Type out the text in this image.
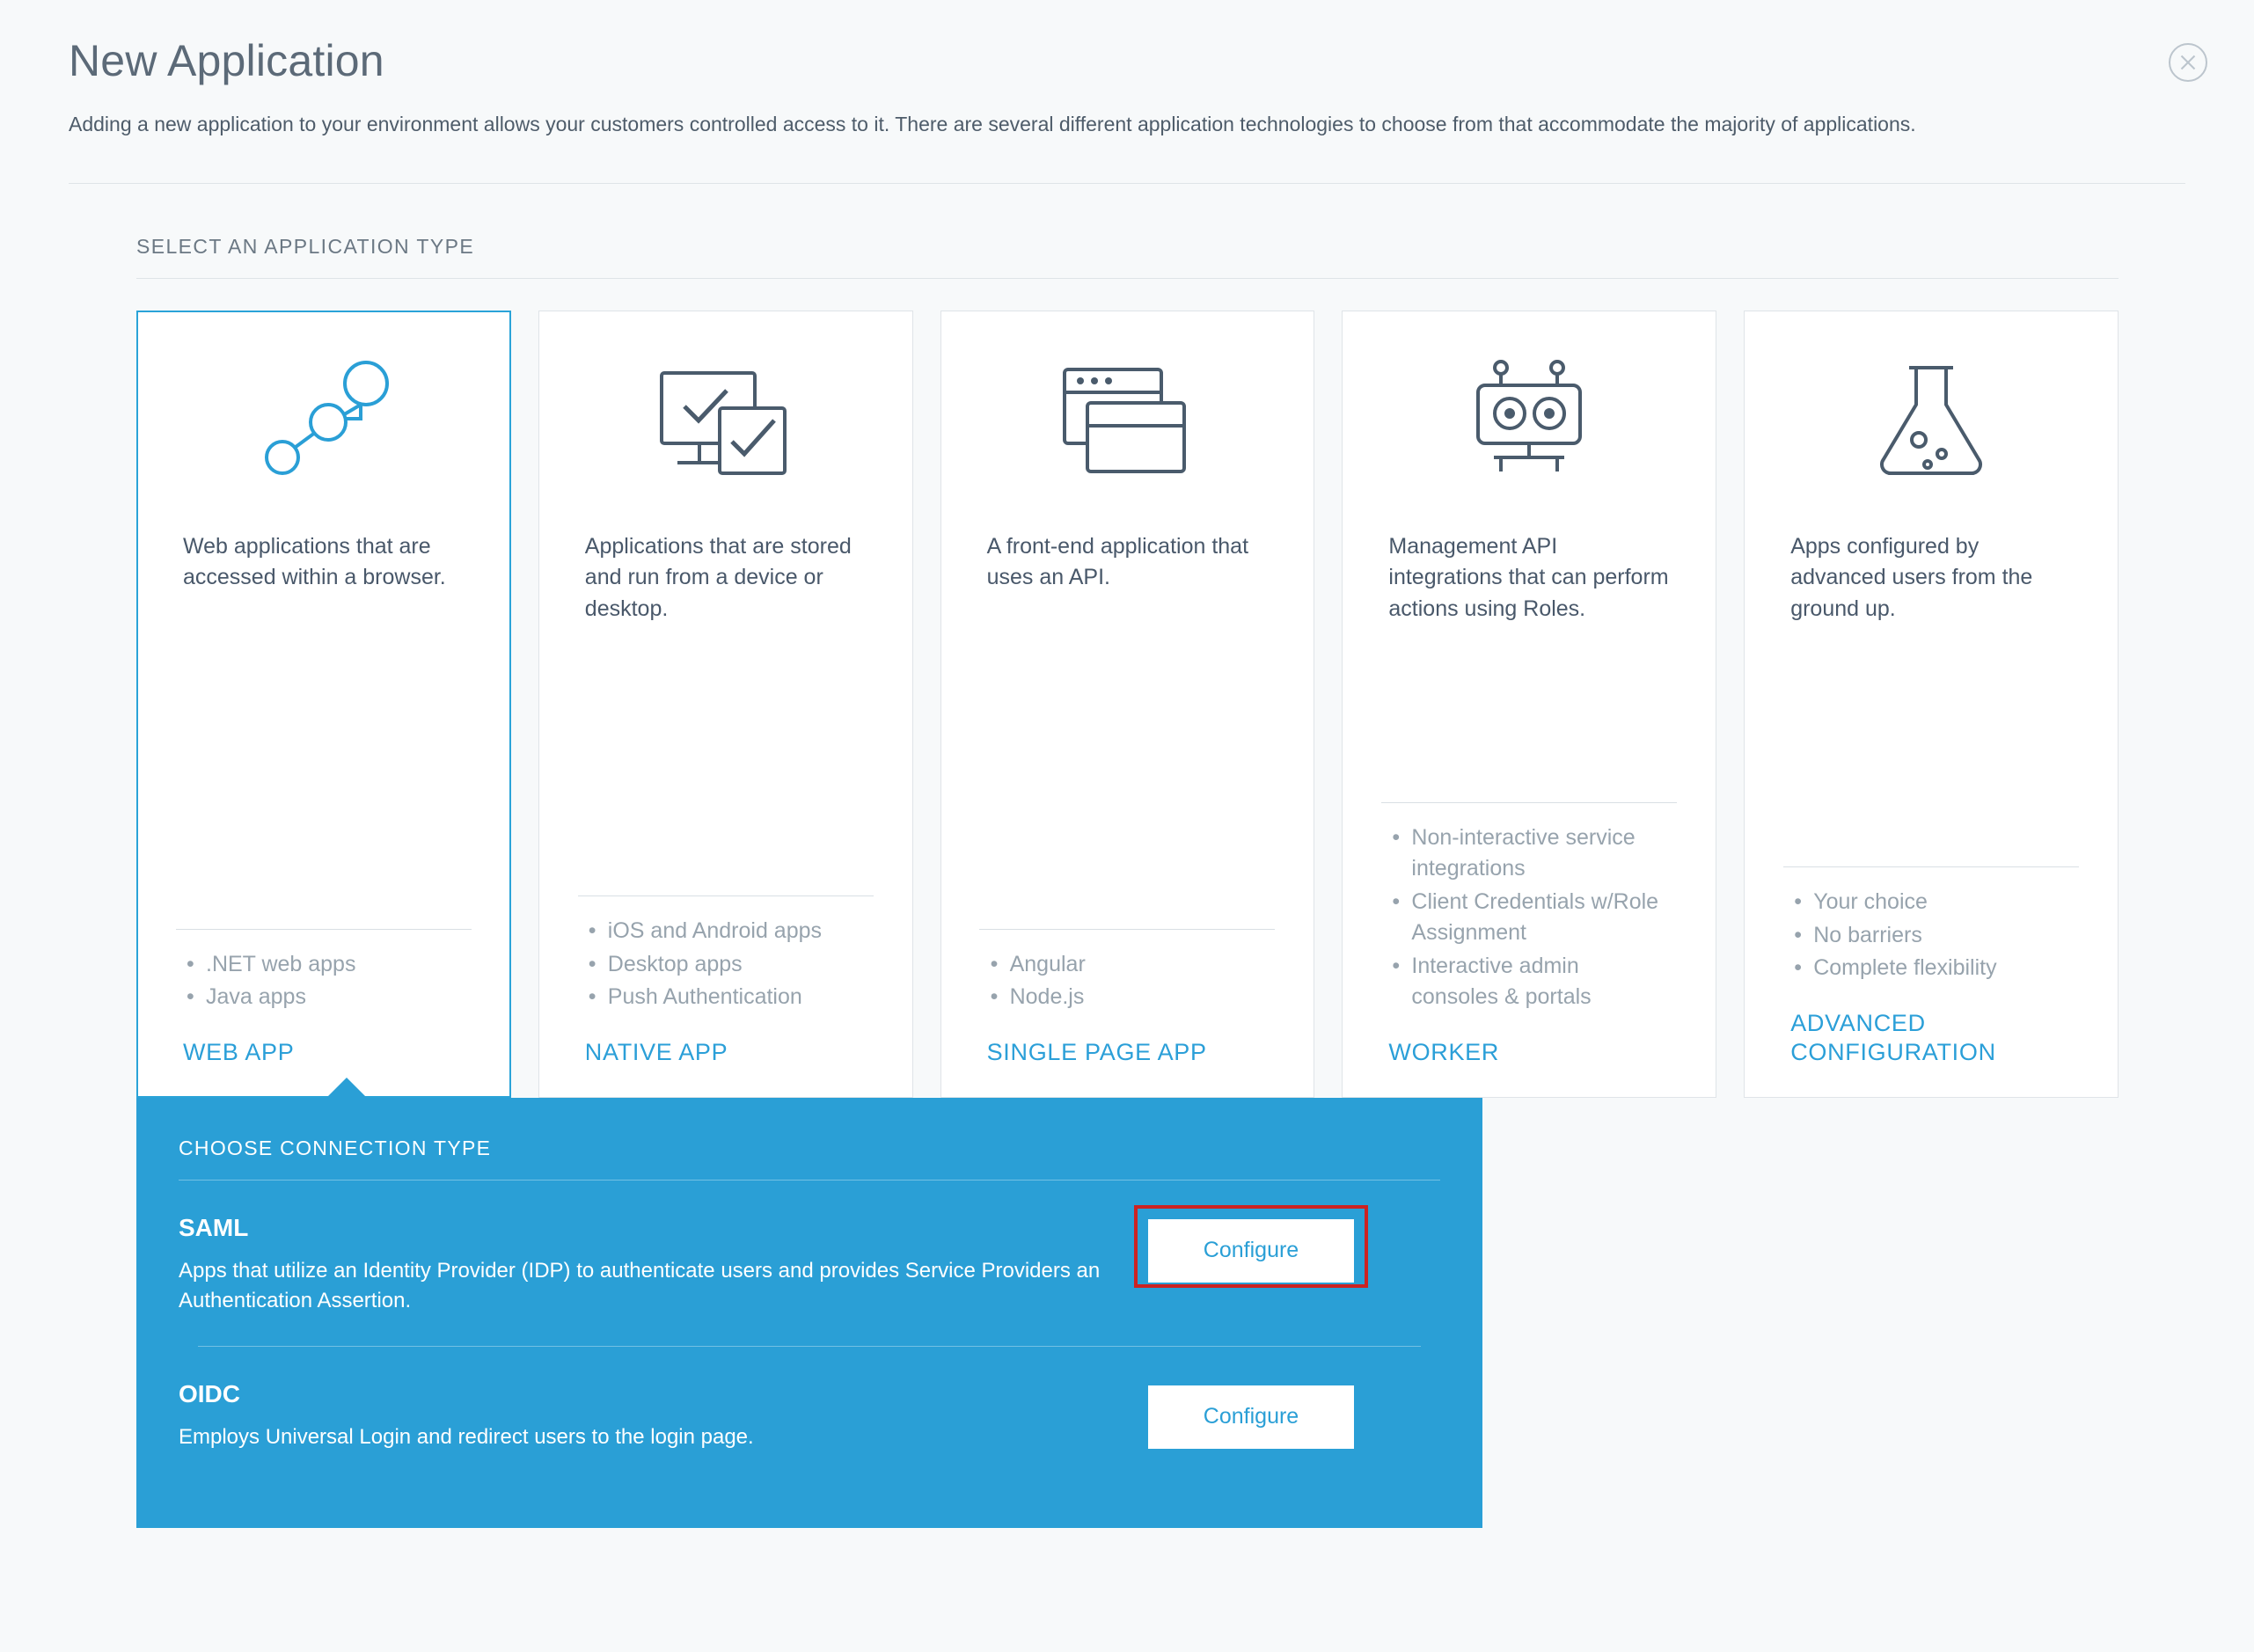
New Application

Adding a new application to your environment allows your customers controlled access to it. There are several different application technologies to choose from that accommodate the majority of applications.

SELECT AN APPLICATION TYPE
Web applications that are accessed within a browser.
• .NET web apps
• Java apps
WEB APP
Applications that are stored and run from a device or desktop.
• iOS and Android apps
• Desktop apps
• Push Authentication
NATIVE APP
A front-end application that uses an API.
• Angular
• Node.js
SINGLE PAGE APP
Management API integrations that can perform actions using Roles.
• Non-interactive service integrations
• Client Credentials w/Role Assignment
• Interactive admin consoles & portals
WORKER
Apps configured by advanced users from the ground up.
• Your choice
• No barriers
• Complete flexibility
ADVANCED CONFIGURATION
CHOOSE CONNECTION TYPE
SAML
Apps that utilize an Identity Provider (IDP) to authenticate users and provides Service Providers an Authentication Assertion.
Configure
OIDC
Employs Universal Login and redirect users to the login page.
Configure
